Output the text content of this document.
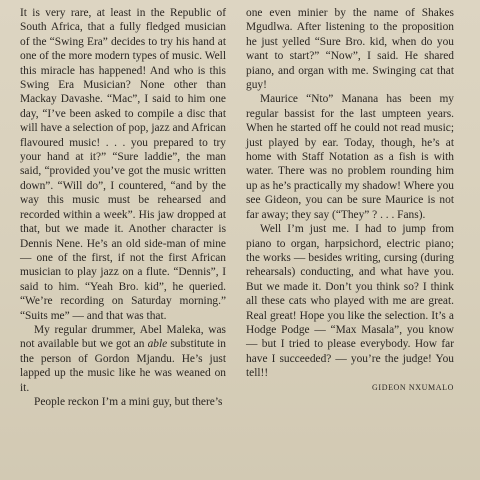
It is very rare, at least in the Republic of South Africa, that a fully fledged musician of the “Swing Era” decides to try his hand at one of the more modern types of music. Well this miracle has happened! And who is this Swing Era Musician? None other than Mackay Davashe. “Mac”, I said to him one day, “I’ve been asked to compile a disc that will have a selection of pop, jazz and African flavoured music! . . . you prepared to try your hand at it?” “Sure laddie”, the man said, “provided you’ve got the music written down”. “Will do”, I countered, “and by the way this music must be rehearsed and recorded within a week”. His jaw dropped at that, but we made it. Another character is Dennis Nene. He’s an old side-man of mine — one of the first, if not the first African musician to play jazz on a flute. “Dennis”, I said to him. “Yeah Bro. kid”, he queried. “We’re recording on Saturday morning.” “Suits me” — and that was that.

My regular drummer, Abel Maleka, was not available but we got an able substitute in the person of Gordon Mjandu. He’s just lapped up the music like he was weaned on it.

People reckon I’m a mini guy, but there’s

one even minier by the name of Shakes Mgudlwa. After listening to the proposition he just yelled “Sure Bro. kid, when do you want to start?” “Now”, I said. He shared piano, and organ with me. Swinging cat that guy!

Maurice “Nto” Manana has been my regular bassist for the last umpteen years. When he started off he could not read music; just played by ear. Today, though, he’s at home with Staff Notation as a fish is with water. There was no problem rounding him up as he’s practically my shadow! Where you see Gideon, you can be sure Maurice is not far away; they say (“They” ? . . . Fans).

Well I’m just me. I had to jump from piano to organ, harpsichord, electric piano; the works — besides writing, cursing (during rehearsals) conducting, and what have you. But we made it. Don’t you think so? I think all these cats who played with me are great. Real great! Hope you like the selection. It’s a Hodge Podge — “Max Masala”, you know — but I tried to please everybody. How far have I succeeded? — you’re the judge! You tell!!

GIDEON NXUMALO
